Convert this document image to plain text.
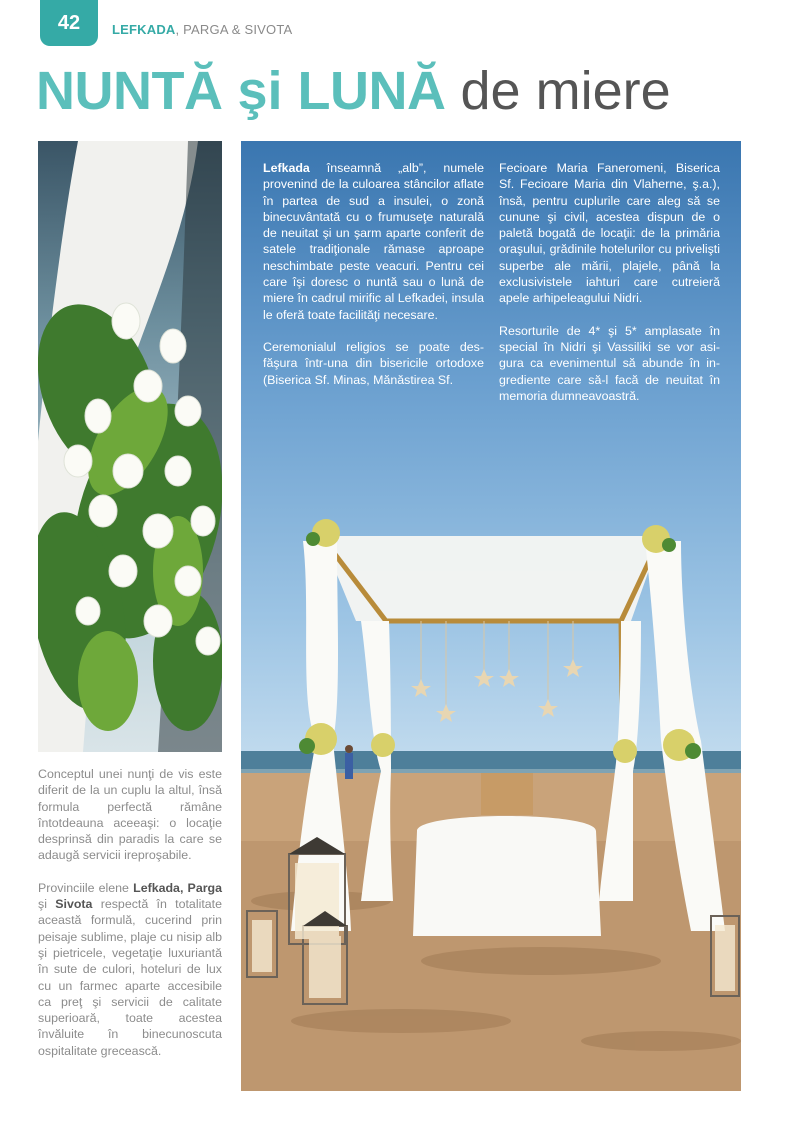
42 LEFKADA, PARGA & SIVOTA
NUNTĂ şi LUNĂ de miere

Conceptul unei nunţi de vis este diferit de la un cuplu la altul, însă formula perfectă rămâne întotdeauna aceeaşi: o locaţie desprinsă din paradis la care se adaugă servicii ireproşabile.

Provinciile elene Lefkada, Parga şi Sivota respectă în totalitate această formulă, cucerind prin peisaje sublime, plaje cu nisip alb şi pietricele, vegetaţie luxuriantă în sute de culori, hoteluri de lux cu un farmec aparte accesibile ca preţ şi servicii de calitate superioară, toate acestea învăluite în binecunoscuta ospitalitate grecească.

Lefkada înseamnă „alb”, numele provenind de la culoarea stâncilor aflate în partea de sud a insulei, o zonă binecuvântată cu o frumuseţe naturală de neuitat şi un şarm aparte conferit de satele tradiţionale rămase aproape neschimbate peste veacuri. Pentru cei care îşi doresc o nuntă sau o lună de miere în cadrul mirific al Lefkadei, insula le oferă toate facilităţi necesare.

Ceremonialul religios se poate desfăşura într-una din bisericile ortodoxe (Biserica Sf. Minas, Mănăstirea Sf.

Fecioare Maria Faneromeni, Biserica Sf. Fecioare Maria din Vlaherne, ş.a.), însă, pentru cuplurile care aleg să se cunune şi civil, acestea dispun de o paletă bogată de locaţii: de la primăria oraşului, grădinile hotelurilor cu privelişti superbe ale mării, plajele, până la exclusivistele iahturi care cutreieră apele arhipeleagului Nidri.

Resorturile de 4* şi 5* amplasate în special în Nidri şi Vassiliki se vor asigura ca evenimentul să abunde în ingrediente care să-l facă de neuitat în memoria dumneavoastră.
